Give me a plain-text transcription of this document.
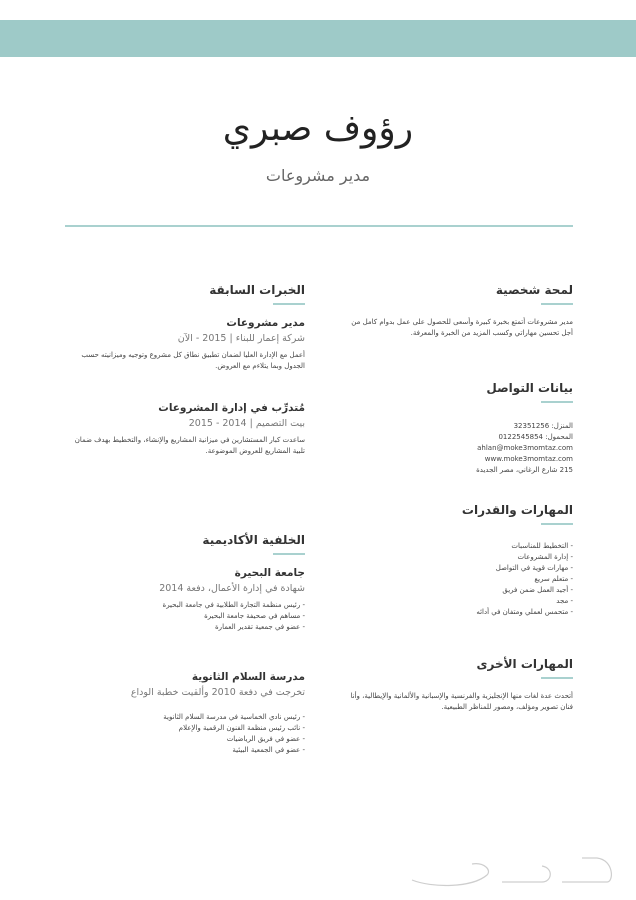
رؤوف صبري
مدير مشروعات
لمحة شخصية
مدير مشروعات أتمتع بخبرة كبيرة وأسعى للحصول على عمل بدوام كامل من أجل تحسين مهاراتي وكسب المزيد من الخبرة والمعرفة.
بيانات التواصل
المنزل: 32351256
المحمول: 0122545854
ahlan@moke3momtaz.com
www.moke3momtaz.com
215 شارع الرغاني، مصر الجديدة
المهارات والقدرات
- التخطيط للمناسبات
- إدارة المشروعات
- مهارات قوية في التواصل
- متعلم سريع
- أجيد العمل ضمن فريق
- مجد
- متحمس لعملي ومتفان في أدائه
المهارات الأخرى
أتحدث عدة لغات منها الإنجليزية والفرنسية والإسبانية والألمانية والإيطالية، وأنا فنان تصوير ومؤلف، ومصور للمناظر الطبيعية.
الخبرات السابقة
مدير مشروعات
شركة إعمار للبناء | 2015 - الآن
أعمل مع الإدارة العليا لضمان تطبيق نطاق كل مشروع وتوجيه وميزانيته حسب الجدول وبما يتلاءم مع العروض.
مُتدرِّب في إدارة المشروعات
بيت التصميم | 2014 - 2015
ساعدت كبار المستشارين في ميزانية المشاريع والإنشاء، والتخطيط بهدف ضمان تلبية المشاريع للعروض الموضوعة.
الخلفية الأكاديمية
جامعة البحيرة
شهادة في إدارة الأعمال، دفعة 2014
- رئيس منظمة التجارة الطلابية في جامعة البحيرة
- مساهم في صحيفة جامعة البحيرة
- عضو في جمعية تقدير العمارة
مدرسة السلام الثانوية
تخرجت في دفعة 2010 وألقيت خطبة الوداع
- رئيس نادي الخماسية في مدرسة السلام الثانوية
- نائب رئيس منظمة الفنون الرقمية والإعلام
- عضو في فريق الرياضيات
- عضو في الجمعية البيئية
